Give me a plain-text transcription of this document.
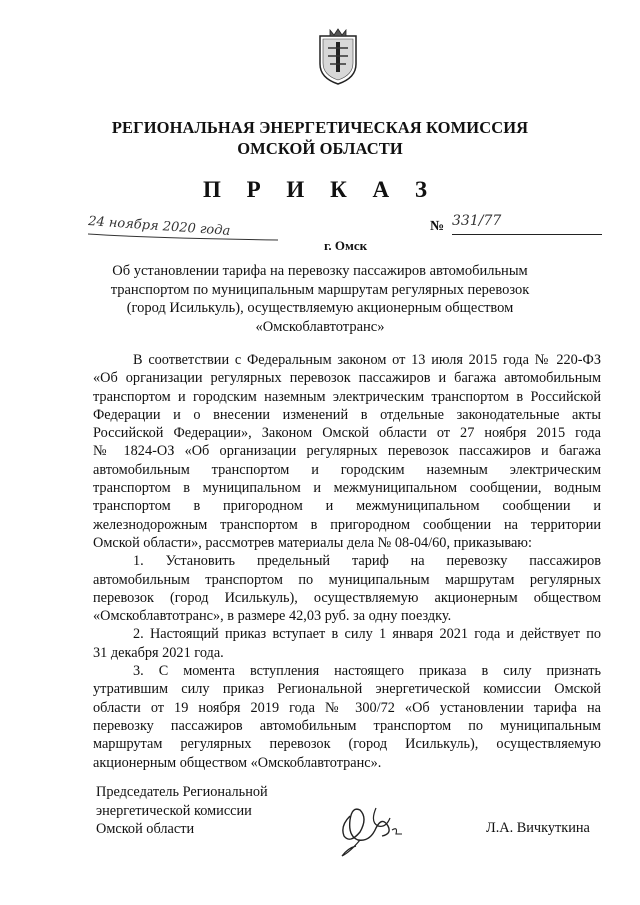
РЕГИОНАЛЬНАЯ ЭНЕРГЕТИЧЕСКАЯ КОМИССИЯ
ОМСКОЙ ОБЛАСТИ
П Р И К А З
24 ноября 2020 года	№ 331/77
г. Омск
Об установлении тарифа на перевозку пассажиров автомобильным
транспортом по муниципальным маршрутам регулярных перевозок
(город Исилькуль), осуществляемую акционерным обществом
«Омскоблавтотранс»
В соответствии с Федеральным законом от 13 июля 2015 года № 220-ФЗ
«Об организации регулярных перевозок пассажиров и багажа автомобильным
транспортом и городским наземным электрическим транспортом в Российской
Федерации и о внесении изменений в отдельные законодательные акты
Российской Федерации», Законом Омской области от 27 ноября 2015 года
№ 1824-ОЗ «Об организации регулярных перевозок пассажиров и багажа
автомобильным транспортом и городским наземным электрическим
транспортом в муниципальном и межмуниципальном сообщении, водным
транспортом в пригородном и межмуниципальном сообщении и
железнодорожным транспортом в пригородном сообщении на территории
Омской области», рассмотрев материалы дела № 08-04/60, приказываю:
1. Установить предельный тариф на перевозку пассажиров
автомобильным транспортом по муниципальным маршрутам регулярных
перевозок (город Исилькуль), осуществляемую акционерным обществом
«Омскоблавтотранс», в размере 42,03 руб. за одну поездку.
2. Настоящий приказ вступает в силу 1 января 2021 года и действует по
31 декабря 2021 года.
3. С момента вступления настоящего приказа в силу признать
утратившим силу приказ Региональной энергетической комиссии Омской
области от 19 ноября 2019 года № 300/72 «Об установлении тарифа на
перевозку пассажиров автомобильным транспортом по муниципальным
маршрутам регулярных перевозок (город Исилькуль), осуществляемую
акционерным обществом «Омскоблавтотранс».
Председатель Региональной
энергетической комиссии
Омской области	Л.А. Вичкуткина
